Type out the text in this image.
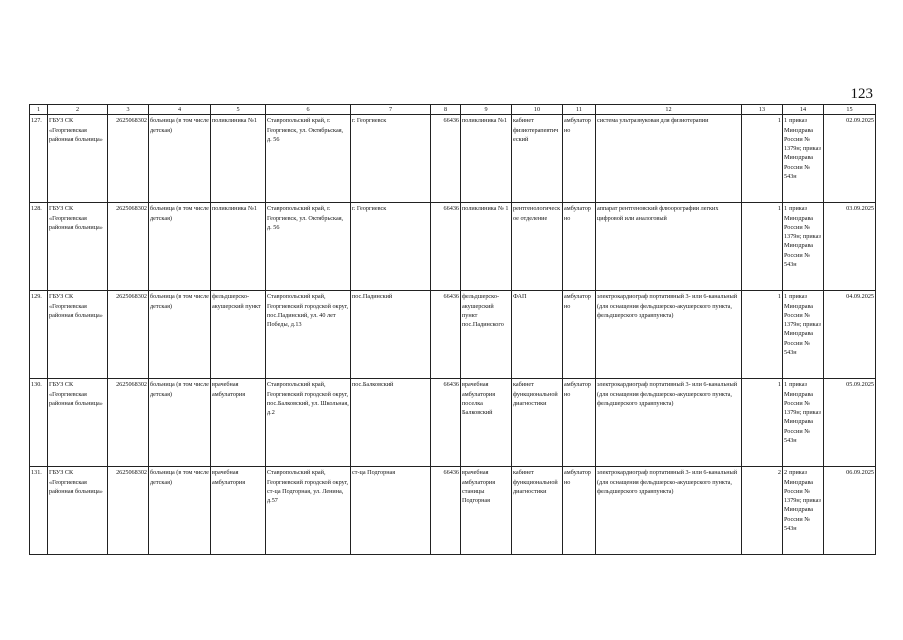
123
1	2	3	4	5	6	7	8	9	10	11	12	13	14	15
127.	ГБУЗ СК «Георгиевская районная больница»	2625068302	больница (в том числе детская)	поликлиника №1	Ставропольский край, г. Георгиевск, ул. Октябрьская, д. 56	г. Георгиевск	66436	поликлиника №1	кабинет физиотерапевтический	амбулаторно	система ультразвуковая для физиотерапии	1	1 приказ Минздрава России № 1379н; приказ Минздрава России № 543н	02.09.2025
128.	ГБУЗ СК «Георгиевская районная больница»	2625068302	больница (в том числе детская)	поликлиника №1	Ставропольский край, г. Георгиевск, ул. Октябрьская, д. 56	г. Георгиевск	66436	поликлиника № 1	рентгенологическое отделение	амбулаторно	аппарат рентгеновский флюорографии легких цифровой или аналоговый	1	1 приказ Минздрава России № 1379н; приказ Минздрава России № 543н	03.09.2025
129.	ГБУЗ СК «Георгиевская районная больница»	2625068302	больница (в том числе детская)	фельдшерско-акушерский пункт	Ставропольский край, Георгиевский городской округ, пос.Падинский, ул. 40 лет Победы, д.13	пос.Падинский	66436	фельдшерско-акушерский пункт пос.Падинского	ФАП	амбулаторно	электрокардиограф портативный 3- или 6-канальный (для оснащения фельдшерско-акушерского пункта, фельдшерского здравпункта)	1	1 приказ Минздрава России № 1379н; приказ Минздрава России № 543н	04.09.2025
130.	ГБУЗ СК «Георгиевская районная больница»	2625068302	больница (в том числе детская)	врачебная амбулатория	Ставропольский край, Георгиевский городской округ, пос.Балковский, ул. Школьная, д.2	пос.Балковский	66436	врачебная амбулатория поселка Балковский	кабинет функциональной диагностики	амбулаторно	электрокардиограф портативный 3- или 6-канальный (для оснащения фельдшерско-акушерского пункта, фельдшерского здравпункта)	1	1 приказ Минздрава России № 1379н; приказ Минздрава России № 543н	05.09.2025
131.	ГБУЗ СК «Георгиевская районная больница»	2625068302	больница (в том числе детская)	врачебная амбулатория	Ставропольский край, Георгиевский городской округ, ст-ца Подгорная, ул. Ленина, д.57	ст-ца Подгорная	66436	врачебная амбулатория станицы Подгорная	кабинет функциональной диагностики	амбулаторно	электрокардиограф портативный 3- или 6-канальный (для оснащения фельдшерско-акушерского пункта, фельдшерского здравпункта)	2	2 приказ Минздрава России № 1379н; приказ Минздрава России № 543н	06.09.2025
